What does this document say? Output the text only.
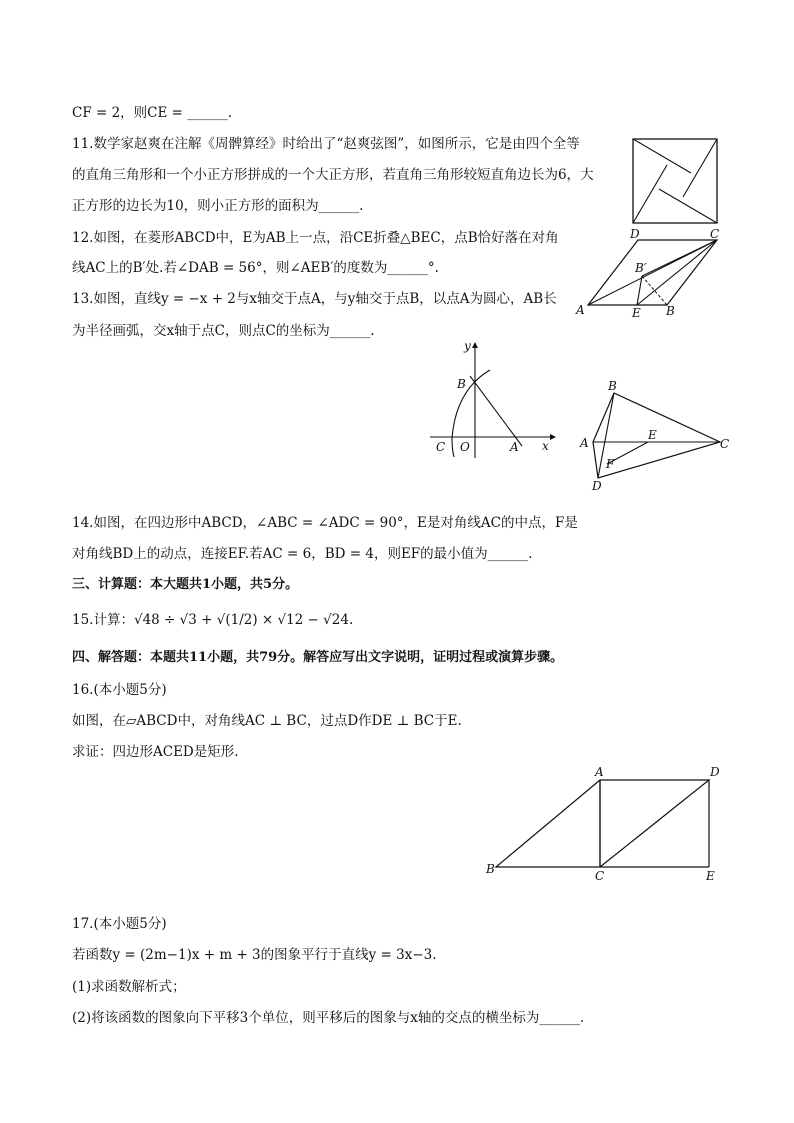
CF = 2，则CE = ______.
11.数学家赵爽在注解《周髀算经》时给出了“赵爽弦图”，如图所示，它是由四个全等
的直角三角形和一个小正方形拼成的一个大正方形，若直角三角形较短直角边长为6，大
正方形的边长为10，则小正方形的面积为______.
12.如图，在菱形ABCD中，E为AB上一点，沿CE折叠△BEC，点B恰好落在对角
线AC上的B′处.若∠DAB = 56°，则∠AEB′的度数为______°.
13.如图，直线y = −x + 2与x轴交于点A，与y轴交于点B，以点A为圆心，AB长
为半径画弧，交x轴于点C，则点C的坐标为______.
14.如图，在四边形中ABCD，∠ABC = ∠ADC = 90°，E是对角线AC的中点，F是
对角线BD上的动点，连接EF.若AC = 6，BD = 4，则EF的最小值为______.
三、计算题：本大题共1小题，共5分。
15.计算：√48 ÷ √3 + √(1/2) × √12 − √24.
四、解答题：本题共11小题，共79分。解答应写出文字说明，证明过程或演算步骤。
16.(本小题5分)
如图，在▱ABCD中，对角线AC ⊥ BC，过点D作DE ⊥ BC于E.
求证：四边形ACED是矩形.
17.(本小题5分)
若函数y = (2m−1)x + m + 3的图象平行于直线y = 3x−3.
(1)求函数解析式；
(2)将该函数的图象向下平移3个单位，则平移后的图象与x轴的交点的横坐标为______.
A
D	C
E B
B′
x
y
B
C O	A	A
B
C
D
E
F
A	D
B	C	E
